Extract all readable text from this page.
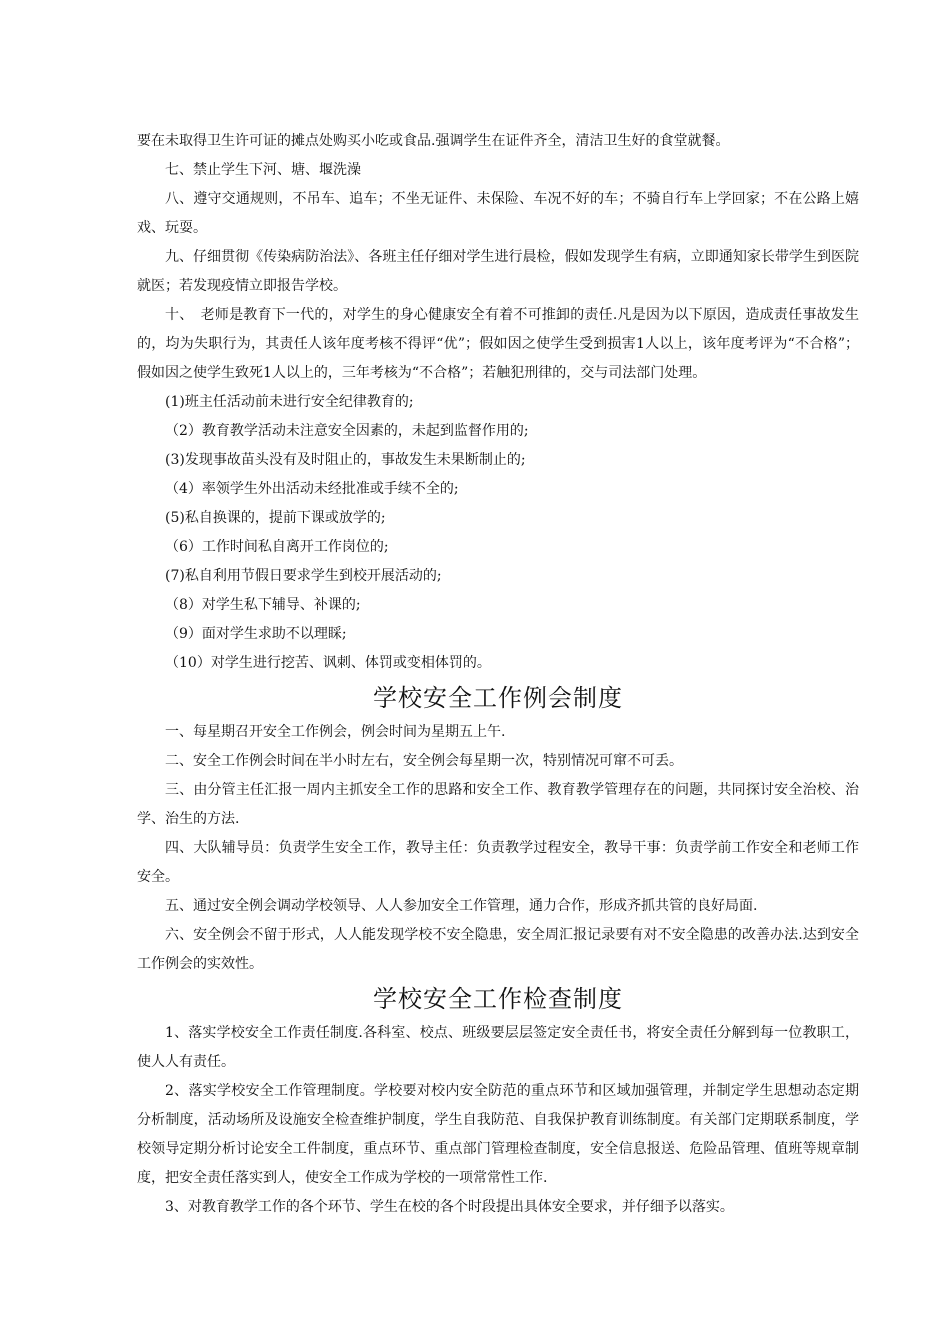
要在未取得卫生许可证的摊点处购买小吃或食品.强调学生在证件齐全，清洁卫生好的食堂就餐。

七、禁止学生下河、塘、堰洗澡

八、遵守交通规则，不吊车、追车；不坐无证件、未保险、车况不好的车；不骑自行车上学回家；不在公路上嬉戏、玩耍。

九、仔细贯彻《传染病防治法》、各班主任仔细对学生进行晨检，假如发现学生有病，立即通知家长带学生到医院就医；若发现疫情立即报告学校。

十、　老师是教育下一代的，对学生的身心健康安全有着不可推卸的责任.凡是因为以下原因，造成责任事故发生的，均为失职行为，其责任人该年度考核不得评“优”；假如因之使学生受到损害1人以上，该年度考评为“不合格”；假如因之使学生致死1人以上的，三年考核为“不合格”；若触犯刑律的，交与司法部门处理。

(1)班主任活动前未进行安全纪律教育的;

（2）教育教学活动未注意安全因素的，未起到监督作用的;

(3)发现事故苗头没有及时阻止的，事故发生未果断制止的;

（4）率领学生外出活动未经批准或手续不全的;

(5)私自换课的，提前下课或放学的;

（6）工作时间私自离开工作岗位的;

(7)私自利用节假日要求学生到校开展活动的;

（8）对学生私下辅导、补课的;

（9）面对学生求助不以理睬;

（10）对学生进行挖苦、讽刺、体罚或变相体罚的。

学校安全工作例会制度

一、每星期召开安全工作例会，例会时间为星期五上午.

二、安全工作例会时间在半小时左右，安全例会每星期一次，特别情况可窜不可丢。

三、由分管主任汇报一周内主抓安全工作的思路和安全工作、教育教学管理存在的问题，共同探讨安全治校、治学、治生的方法.

四、大队辅导员：负责学生安全工作，教导主任：负责教学过程安全，教导干事：负责学前工作安全和老师工作安全。

五、通过安全例会调动学校领导、人人参加安全工作管理，通力合作，形成齐抓共管的良好局面.

六、安全例会不留于形式，人人能发现学校不安全隐患，安全周汇报记录要有对不安全隐患的改善办法.达到安全工作例会的实效性。

学校安全工作检查制度

1、落实学校安全工作责任制度.各科室、校点、班级要层层签定安全责任书，将安全责任分解到每一位教职工，使人人有责任。

2、落实学校安全工作管理制度。学校要对校内安全防范的重点环节和区域加强管理，并制定学生思想动态定期分析制度，活动场所及设施安全检查维护制度，学生自我防范、自我保护教育训练制度。有关部门定期联系制度，学校领导定期分析讨论安全工件制度，重点环节、重点部门管理检查制度，安全信息报送、危险品管理、值班等规章制度，把安全责任落实到人，使安全工作成为学校的一项常常性工作.

3、对教育教学工作的各个环节、学生在校的各个时段提出具体安全要求，并仔细予以落实。
